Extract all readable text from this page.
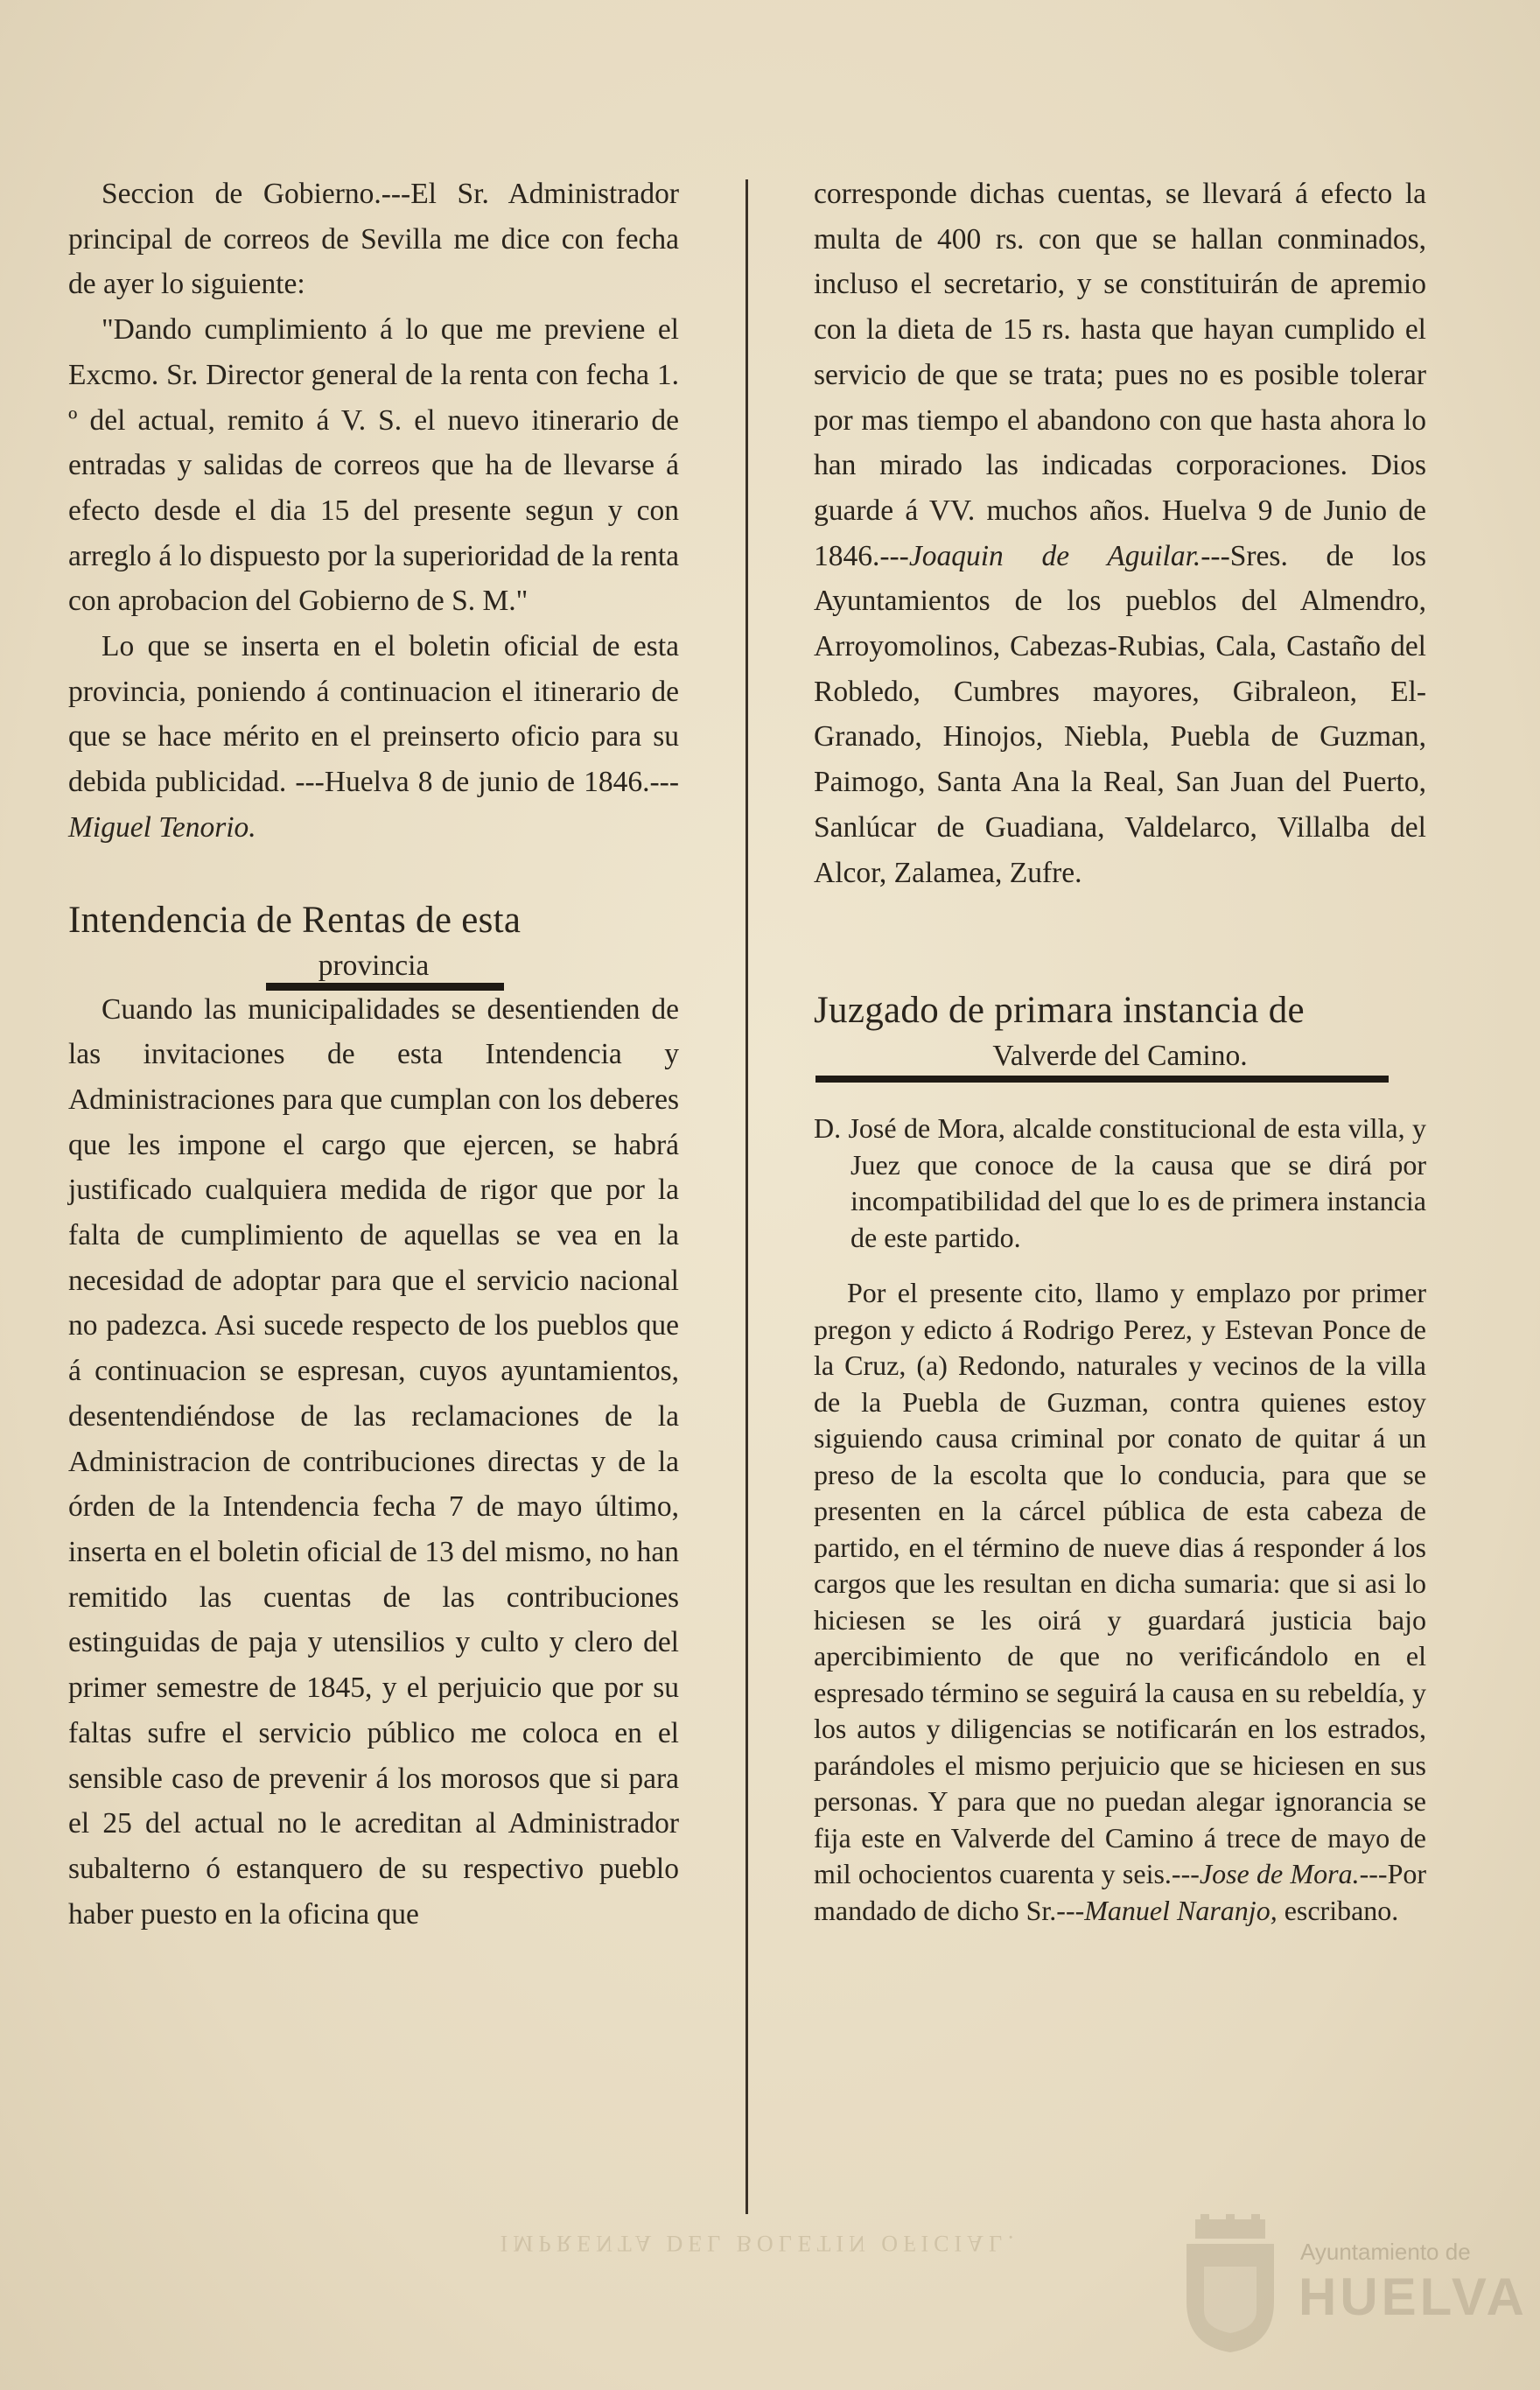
Seccion de Gobierno.---El Sr. Administrador principal de correos de Sevilla me dice con fecha de ayer lo siguiente:

"Dando cumplimiento á lo que me previene el Excmo. Sr. Director general de la renta con fecha 1. º del actual, remito á V. S. el nuevo itinerario de entradas y salidas de correos que ha de llevarse á efecto desde el dia 15 del presente segun y con arreglo á lo dispuesto por la superioridad de la renta con aprobacion del Gobierno de S. M."

Lo que se inserta en el boletin oficial de esta provincia, poniendo á continuacion el itinerario de que se hace mérito en el preinserto oficio para su debida publicidad. ---Huelva 8 de junio de 1846.---Miguel Tenorio.

Intendencia de Rentas de esta
provincia

Cuando las municipalidades se desentienden de las invitaciones de esta Intendencia y Administraciones para que cumplan con los deberes que les impone el cargo que ejercen, se habrá justificado cualquiera medida de rigor que por la falta de cumplimiento de aquellas se vea en la necesidad de adoptar para que el servicio nacional no padezca. Asi sucede respecto de los pueblos que á continuacion se espresan, cuyos ayuntamientos, desentendiéndose de las reclamaciones de la Administracion de contribuciones directas y de la órden de la Intendencia fecha 7 de mayo último, inserta en el boletin oficial de 13 del mismo, no han remitido las cuentas de las contribuciones estinguidas de paja y utensilios y culto y clero del primer semestre de 1845, y el perjuicio que por su faltas sufre el servicio público me coloca en el sensible caso de prevenir á los morosos que si para el 25 del actual no le acreditan al Administrador subalterno ó estanquero de su respectivo pueblo haber puesto en la oficina que

corresponde dichas cuentas, se llevará á efecto la multa de 400 rs. con que se hallan conminados, incluso el secretario, y se constituirán de apremio con la dieta de 15 rs. hasta que hayan cumplido el servicio de que se trata; pues no es posible tolerar por mas tiempo el abandono con que hasta ahora lo han mirado las indicadas corporaciones. Dios guarde á VV. muchos años. Huelva 9 de Junio de 1846.---Joaquin de Aguilar.---Sres. de los Ayuntamientos de los pueblos del Almendro, Arroyomolinos, Cabezas-Rubias, Cala, Castaño del Robledo, Cumbres mayores, Gibraleon, El-Granado, Hinojos, Niebla, Puebla de Guzman, Paimogo, Santa Ana la Real, San Juan del Puerto, Sanlúcar de Guadiana, Valdelarco, Villalba del Alcor, Zalamea, Zufre.

Juzgado de primara instancia de
Valverde del Camino.

D. José de Mora, alcalde constitucional de esta villa, y Juez que conoce de la causa que se dirá por incompatibilidad del que lo es de primera instancia de este partido.

Por el presente cito, llamo y emplazo por primer pregon y edicto á Rodrigo Perez, y Estevan Ponce de la Cruz, (a) Redondo, naturales y vecinos de la villa de la Puebla de Guzman, contra quienes estoy siguiendo causa criminal por conato de quitar á un preso de la escolta que lo conducia, para que se presenten en la cárcel pública de esta cabeza de partido, en el término de nueve dias á responder á los cargos que les resultan en dicha sumaria: que si asi lo hiciesen se les oirá y guardará justicia bajo apercibimiento de que no verificándolo en el espresado término se seguirá la causa en su rebeldía, y los autos y diligencias se notificarán en los estrados, parándoles el mismo perjuicio que se hiciesen en sus personas. Y para que no puedan alegar ignorancia se fija este en Valverde del Camino á trece de mayo de mil ochocientos cuarenta y seis.---Jose de Mora.---Por mandado de dicho Sr.---Manuel Naranjo, escribano.

IMPRENTA DEL BOLETIN OFICIAL.	Ayuntamiento de
HUELVA
